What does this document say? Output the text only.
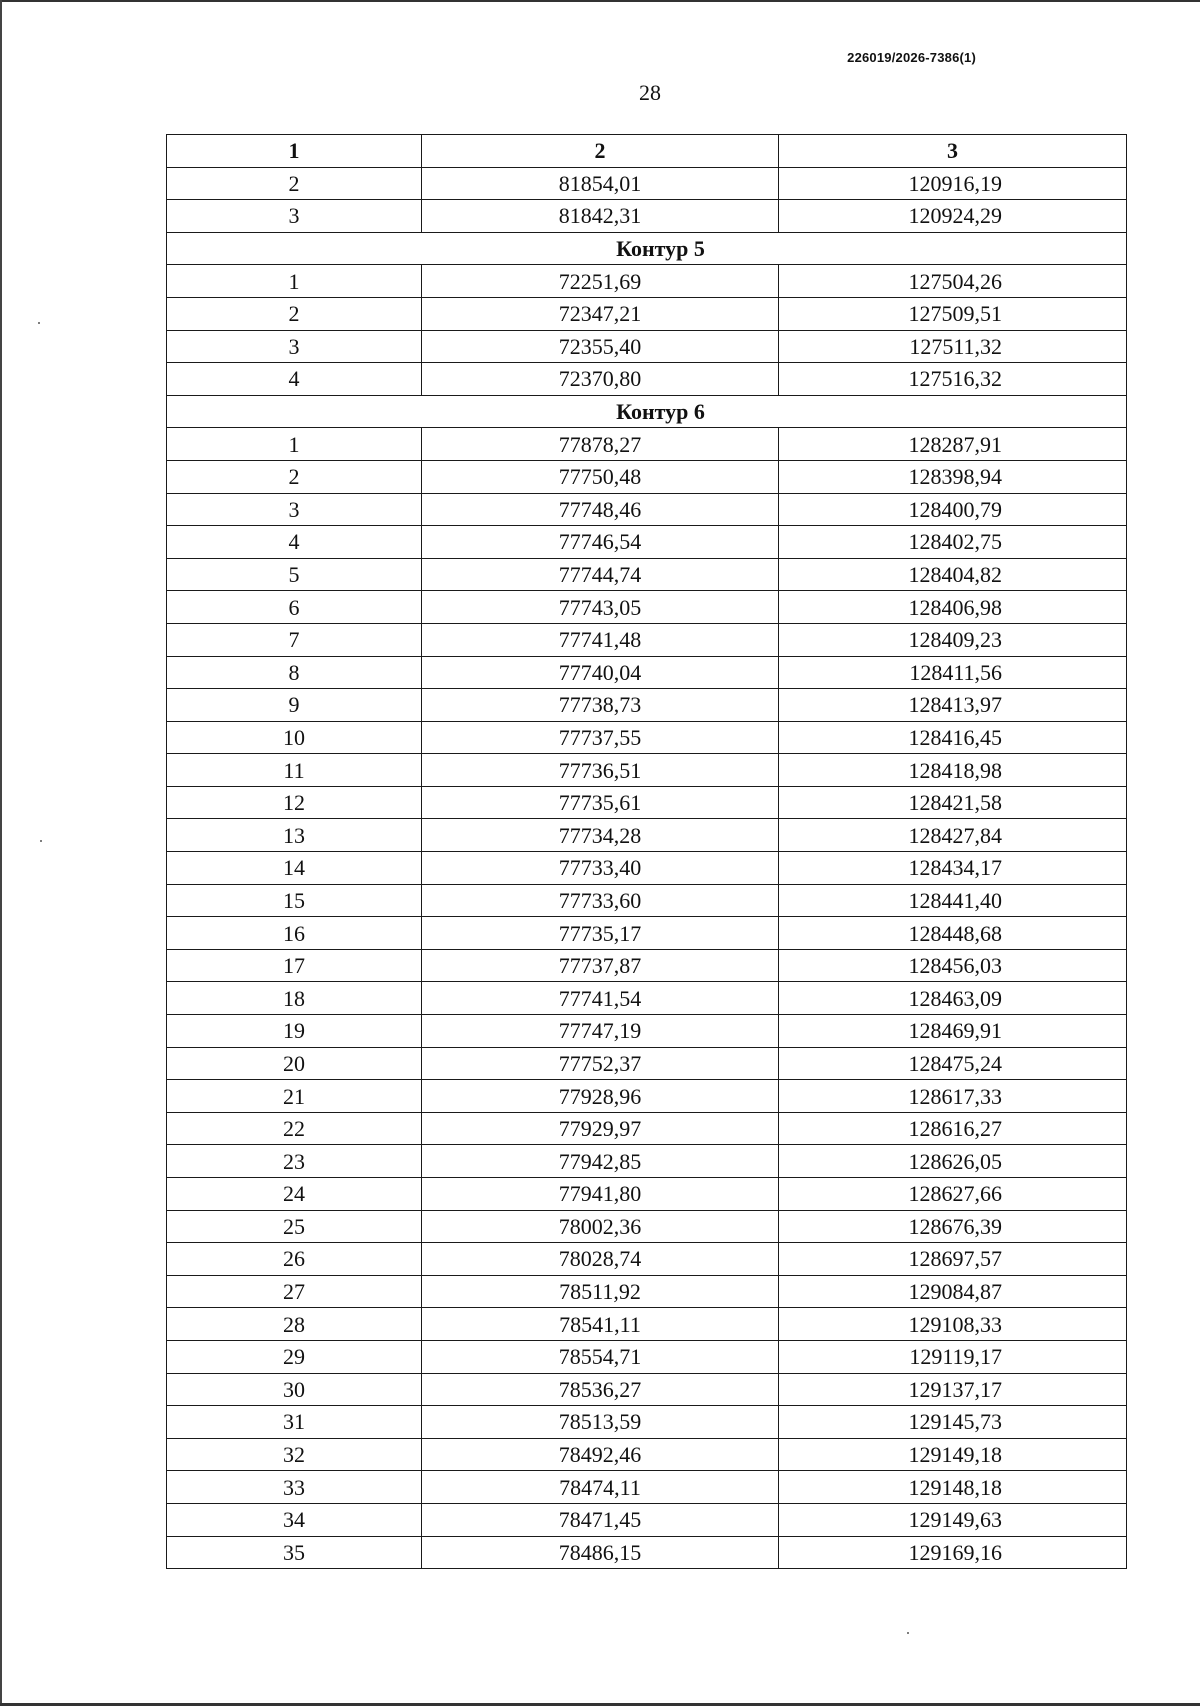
226019/2026-7386(1)
28
1	2	3
2	81854,01	120916,19
3	81842,31	120924,29
Контур 5		
1	72251,69	127504,26
2	72347,21	127509,51
3	72355,40	127511,32
4	72370,80	127516,32
Контур 6		
1	77878,27	128287,91
2	77750,48	128398,94
3	77748,46	128400,79
4	77746,54	128402,75
5	77744,74	128404,82
6	77743,05	128406,98
7	77741,48	128409,23
8	77740,04	128411,56
9	77738,73	128413,97
10	77737,55	128416,45
11	77736,51	128418,98
12	77735,61	128421,58
13	77734,28	128427,84
14	77733,40	128434,17
15	77733,60	128441,40
16	77735,17	128448,68
17	77737,87	128456,03
18	77741,54	128463,09
19	77747,19	128469,91
20	77752,37	128475,24
21	77928,96	128617,33
22	77929,97	128616,27
23	77942,85	128626,05
24	77941,80	128627,66
25	78002,36	128676,39
26	78028,74	128697,57
27	78511,92	129084,87
28	78541,11	129108,33
29	78554,71	129119,17
30	78536,27	129137,17
31	78513,59	129145,73
32	78492,46	129149,18
33	78474,11	129148,18
34	78471,45	129149,63
35	78486,15	129169,16
